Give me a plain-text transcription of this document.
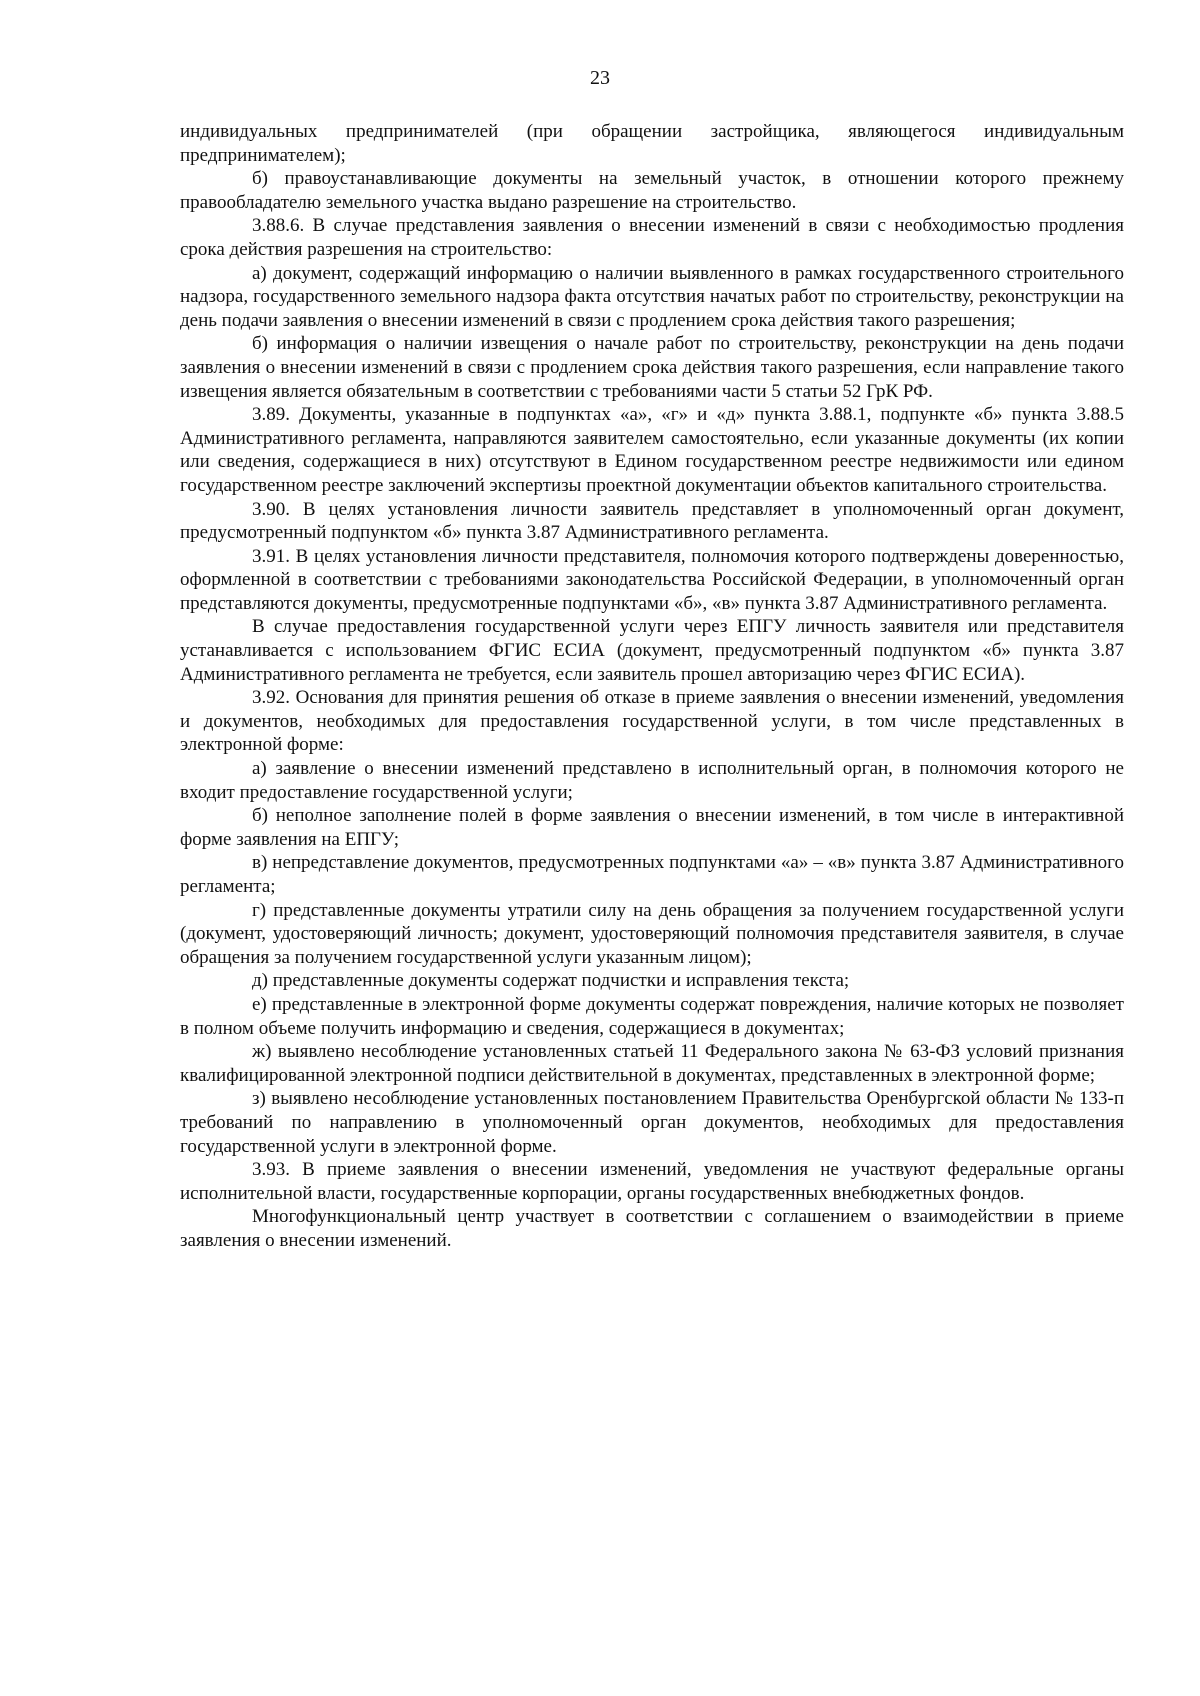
23

индивидуальных предпринимателей (при обращении застройщика, являющегося индивидуальным предпринимателем);

б) правоустанавливающие документы на земельный участок, в отношении которого прежнему правообладателю земельного участка выдано разрешение на строительство.

3.88.6. В случае представления заявления о внесении изменений в связи с необходимостью продления срока действия разрешения на строительство:

а) документ, содержащий информацию о наличии выявленного в рамках государственного строительного надзора, государственного земельного надзора факта отсутствия начатых работ по строительству, реконструкции на день подачи заявления о внесении изменений в связи с продлением срока действия такого разрешения;

б) информация о наличии извещения о начале работ по строительству, реконструкции на день подачи заявления о внесении изменений в связи с продлением срока действия такого разрешения, если направление такого извещения является обязательным в соответствии с требованиями части 5 статьи 52 ГрК РФ.

3.89. Документы, указанные в подпунктах «а», «г» и «д» пункта 3.88.1, подпункте «б» пункта 3.88.5 Административного регламента, направляются заявителем самостоятельно, если указанные документы (их копии или сведения, содержащиеся в них) отсутствуют в Едином государственном реестре недвижимости или едином государственном реестре заключений экспертизы проектной документации объектов капитального строительства.

3.90. В целях установления личности заявитель представляет в уполномоченный орган документ, предусмотренный подпунктом «б» пункта 3.87 Административного регламента.

3.91. В целях установления личности представителя, полномочия которого подтверждены доверенностью, оформленной в соответствии с требованиями законодательства Российской Федерации, в уполномоченный орган представляются документы, предусмотренные подпунктами «б», «в» пункта 3.87 Административного регламента.

В случае предоставления государственной услуги через ЕПГУ личность заявителя или представителя устанавливается с использованием ФГИС ЕСИА (документ, предусмотренный подпунктом «б» пункта 3.87 Административного регламента не требуется, если заявитель прошел авторизацию через ФГИС ЕСИА).

3.92. Основания для принятия решения об отказе в приеме заявления о внесении изменений, уведомления и документов, необходимых для предоставления государственной услуги, в том числе представленных в электронной форме:

а) заявление о внесении изменений представлено в исполнительный орган, в полномочия которого не входит предоставление государственной услуги;

б) неполное заполнение полей в форме заявления о внесении изменений, в том числе в интерактивной форме заявления на ЕПГУ;

в) непредставление документов, предусмотренных подпунктами «а» – «в» пункта 3.87 Административного регламента;

г) представленные документы утратили силу на день обращения за получением государственной услуги (документ, удостоверяющий личность; документ, удостоверяющий полномочия представителя заявителя, в случае обращения за получением государственной услуги указанным лицом);

д) представленные документы содержат подчистки и исправления текста;

е) представленные в электронной форме документы содержат повреждения, наличие которых не позволяет в полном объеме получить информацию и сведения, содержащиеся в документах;

ж) выявлено несоблюдение установленных статьей 11 Федерального закона № 63-ФЗ условий признания квалифицированной электронной подписи действительной в документах, представленных в электронной форме;

з) выявлено несоблюдение установленных постановлением Правительства Оренбургской области № 133-п требований по направлению в уполномоченный орган документов, необходимых для предоставления государственной услуги в электронной форме.

3.93. В приеме заявления о внесении изменений, уведомления не участвуют федеральные органы исполнительной власти, государственные корпорации, органы государственных внебюджетных фондов.

Многофункциональный центр участвует в соответствии с соглашением о взаимодействии в приеме заявления о внесении изменений.
